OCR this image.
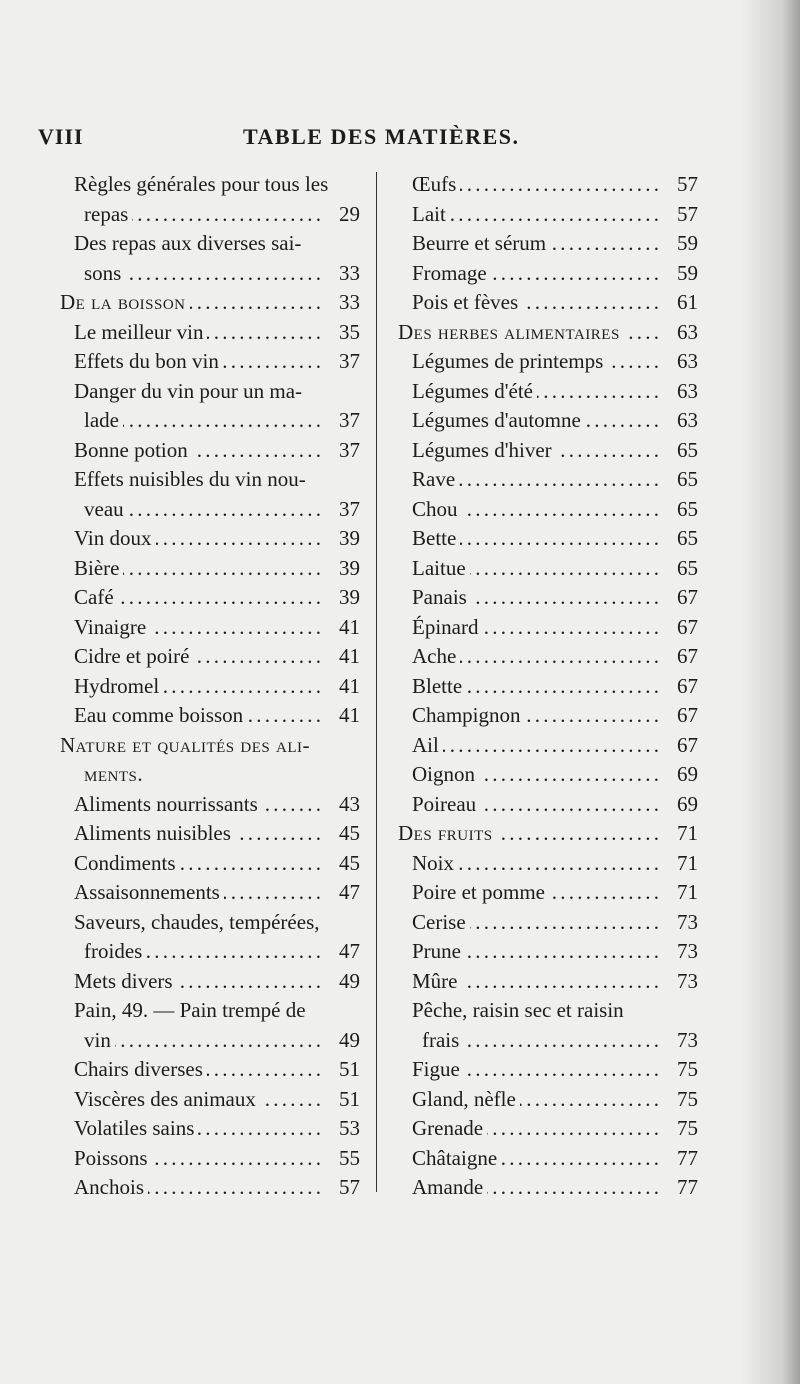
VIII	TABLE DES MATIÈRES.
Règles générales pour tous les
. . .
repas	29
Des repas aux diverses sai-
. . .
sons	33
. . .
De la boisson	33
. . .
Le meilleur vin	35
. . .
Effets du bon vin	37
Danger du vin pour un ma-
. . .
lade	37
. . .
Bonne potion	37
Effets nuisibles du vin nou-
. . .
veau	37
. . .
Vin doux	39
. . .
Bière	39
. . .
Café	39
. . .
Vinaigre	41
. . .
Cidre et poiré	41
. . .
Hydromel	41
. . .
Eau comme boisson	41
Nature et qualités des ali-
ments.
. . .
Aliments nourrissants	43
. . .
Aliments nuisibles	45
. . .
Condiments	45
. . .
Assaisonnements	47
Saveurs, chaudes, tempérées,
. . .
froides	47
. . .
Mets divers	49
Pain, 49. — Pain trempé de
. . .
vin	49
. . .
Chairs diverses	51
. . .
Viscères des animaux	51
. . .
Volatiles sains	53
. . .
Poissons	55
. . .
Anchois	57
. . .
Œufs	57
. . .
Lait	57
. . .
Beurre et sérum	59
. . .
Fromage	59
. . .
Pois et fèves	61
. . .
Des herbes alimentaires	63
. . .
Légumes de printemps	63
. . .
Légumes d'été	63
. . .
Légumes d'automne	63
. . .
Légumes d'hiver	65
. . .
Rave	65
. . .
Chou	65
. . .
Bette	65
. . .
Laitue	65
. . .
Panais	67
. . .
Épinard	67
. . .
Ache	67
. . .
Blette	67
. . .
Champignon	67
. . .
Ail	67
. . .
Oignon	69
. . .
Poireau	69
. . .
Des fruits	71
. . .
Noix	71
. . .
Poire et pomme	71
. . .
Cerise	73
. . .
Prune	73
. . .
Mûre	73
Pêche, raisin sec et raisin
. . .
frais	73
. . .
Figue	75
. . .
Gland, nèfle	75
. . .
Grenade	75
. . .
Châtaigne	77
. . .
Amande	77
